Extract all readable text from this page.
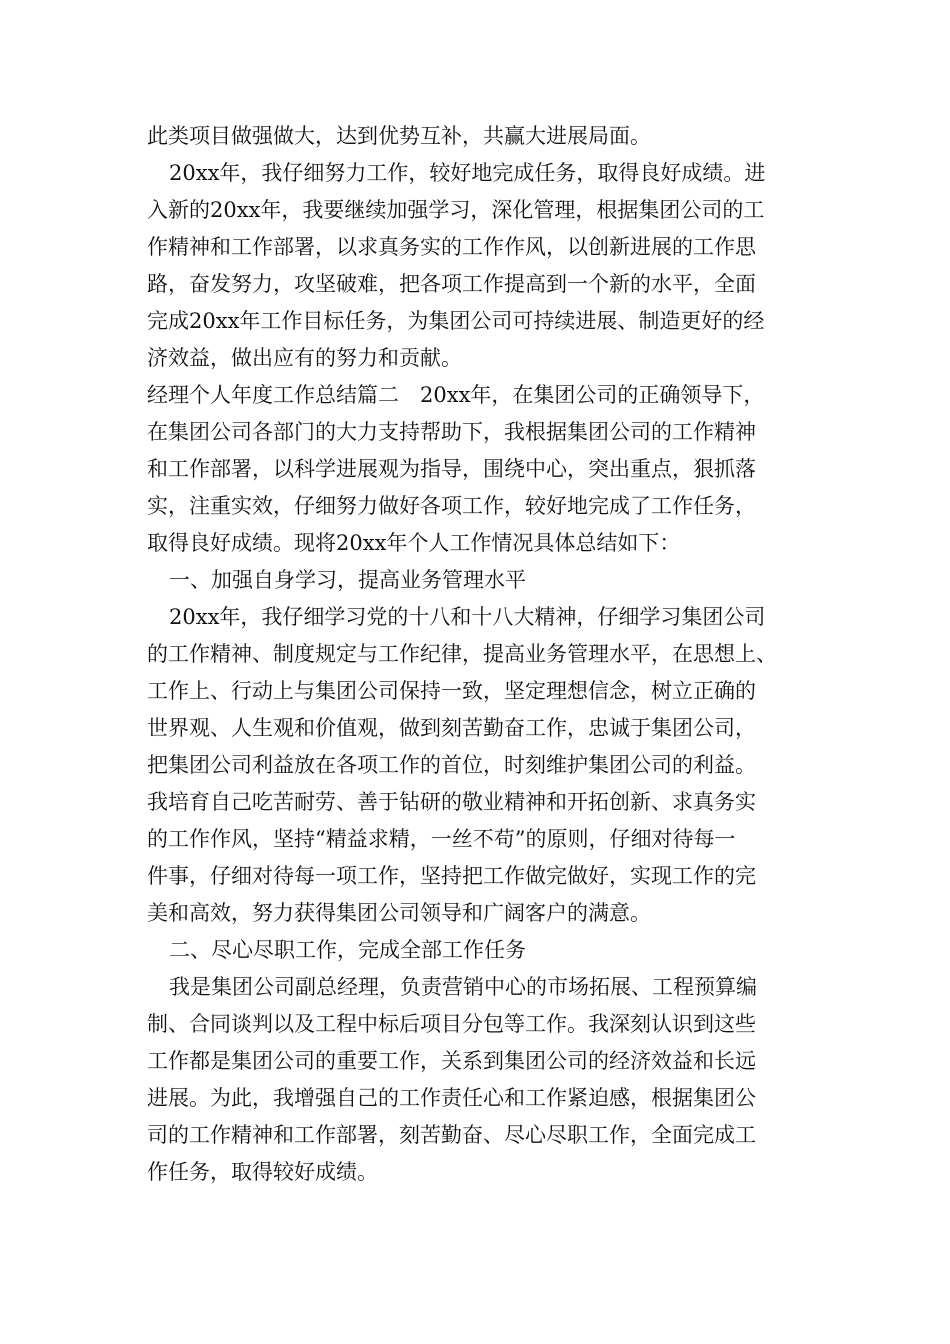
此类项目做强做大，达到优势互补，共赢大进展局面。
20xx年，我仔细努力工作，较好地完成任务，取得良好成绩。进
入新的20xx年，我要继续加强学习，深化管理，根据集团公司的工
作精神和工作部署，以求真务实的工作作风，以创新进展的工作思
路，奋发努力，攻坚破难，把各项工作提高到一个新的水平，全面
完成20xx年工作目标任务，为集团公司可持续进展、制造更好的经
济效益，做出应有的努力和贡献。
经理个人年度工作总结篇二　20xx年，在集团公司的正确领导下，
在集团公司各部门的大力支持帮助下，我根据集团公司的工作精神
和工作部署，以科学进展观为指导，围绕中心，突出重点，狠抓落
实，注重实效，仔细努力做好各项工作，较好地完成了工作任务，
取得良好成绩。现将20xx年个人工作情况具体总结如下：
一、加强自身学习，提高业务管理水平
20xx年，我仔细学习党的十八和十八大精神，仔细学习集团公司
的工作精神、制度规定与工作纪律，提高业务管理水平，在思想上、
工作上、行动上与集团公司保持一致，坚定理想信念，树立正确的
世界观、人生观和价值观，做到刻苦勤奋工作，忠诚于集团公司，
把集团公司利益放在各项工作的首位，时刻维护集团公司的利益。
我培育自己吃苦耐劳、善于钻研的敬业精神和开拓创新、求真务实
的工作作风，坚持“精益求精，一丝不苟”的原则，仔细对待每一
件事，仔细对待每一项工作，坚持把工作做完做好，实现工作的完
美和高效，努力获得集团公司领导和广阔客户的满意。
二、尽心尽职工作，完成全部工作任务
我是集团公司副总经理，负责营销中心的市场拓展、工程预算编
制、合同谈判以及工程中标后项目分包等工作。我深刻认识到这些
工作都是集团公司的重要工作，关系到集团公司的经济效益和长远
进展。为此，我增强自己的工作责任心和工作紧迫感，根据集团公
司的工作精神和工作部署，刻苦勤奋、尽心尽职工作，全面完成工
作任务，取得较好成绩。
